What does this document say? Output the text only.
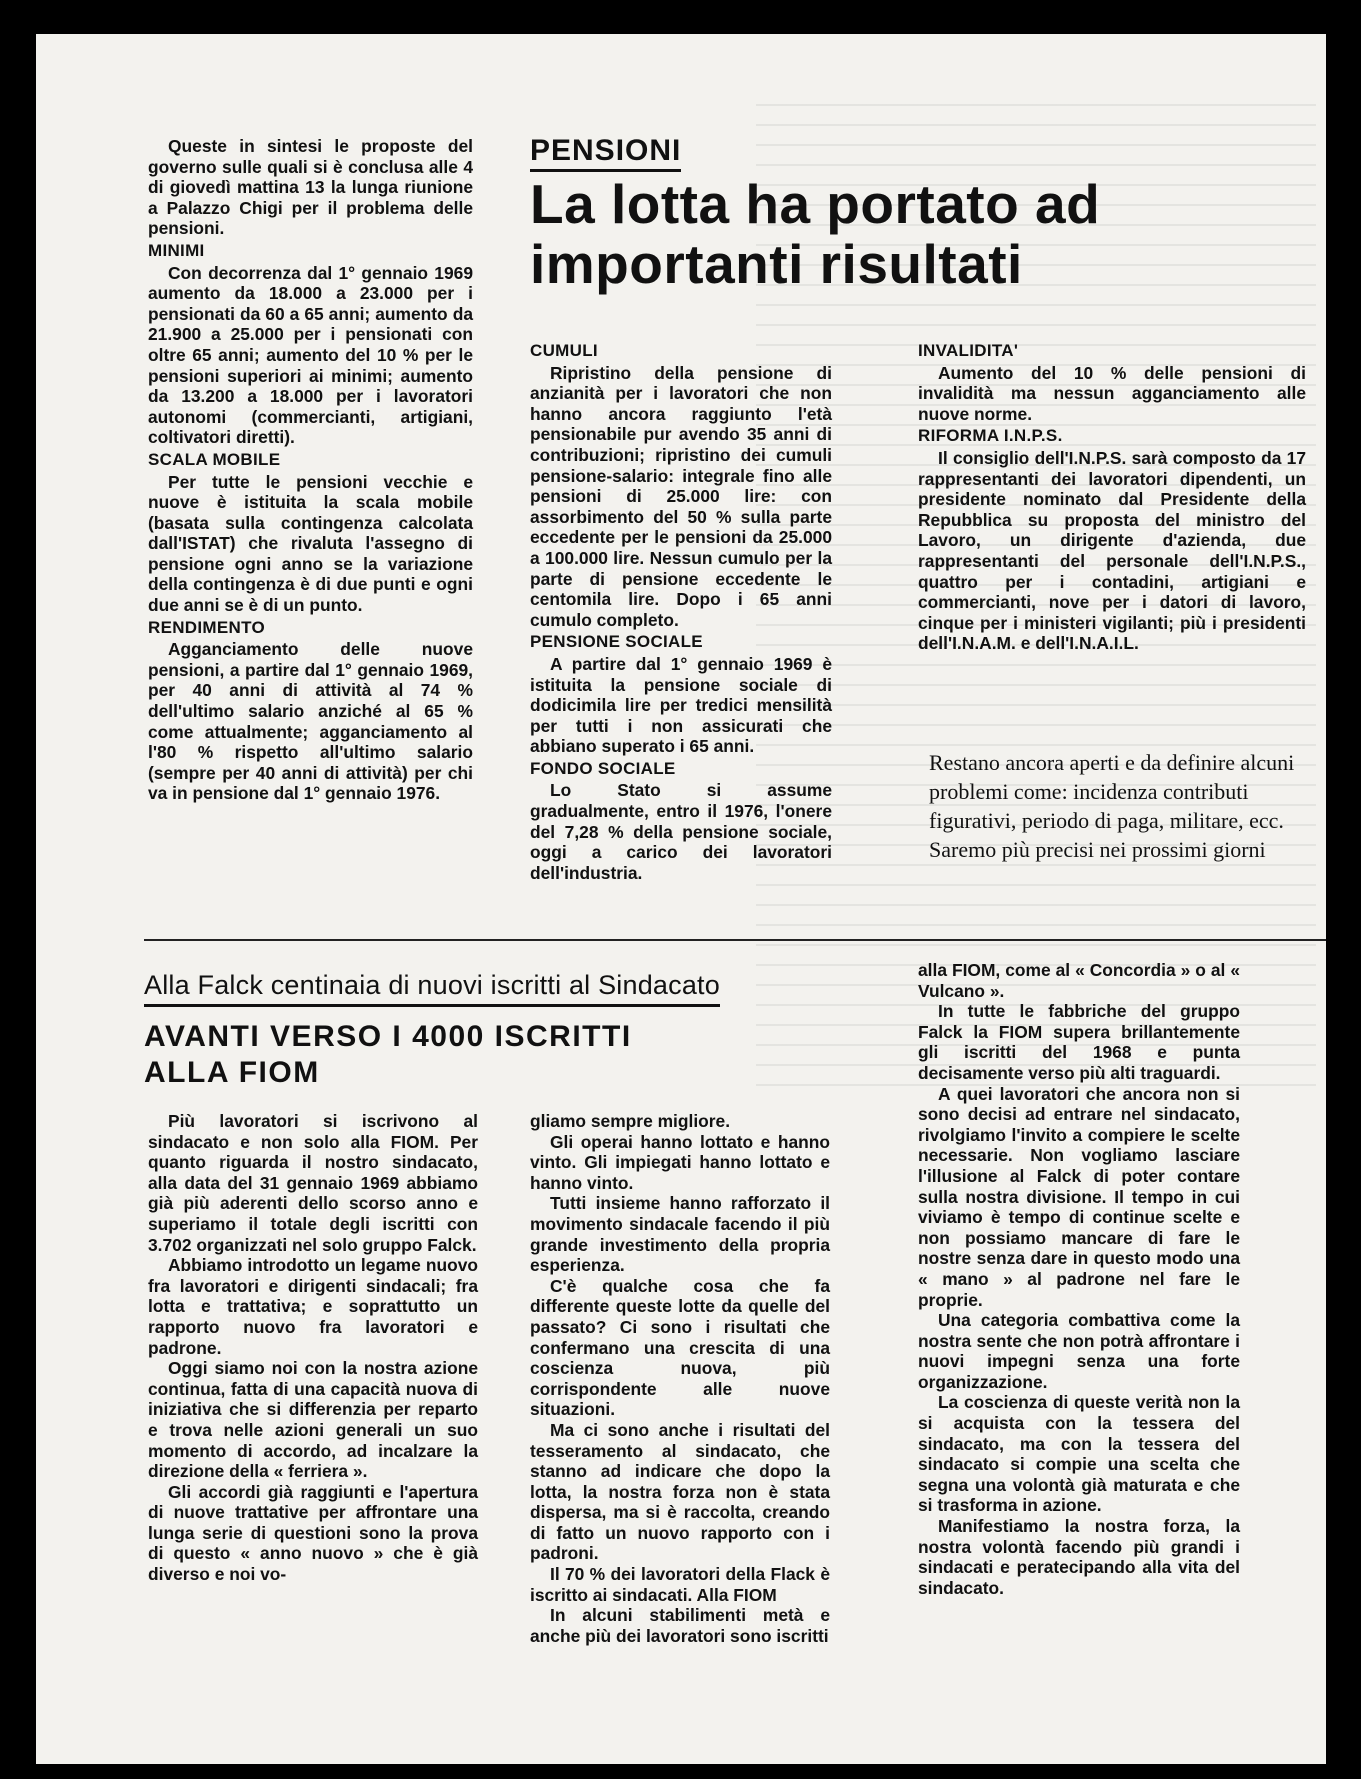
Queste in sintesi le proposte del governo sulle quali si è conclusa alle 4 di giovedì mattina 13 la lunga riunione a Palazzo Chigi per il problema delle pensioni.

MINIMI

Con decorrenza dal 1° gennaio 1969 aumento da 18.000 a 23.000 per i pensionati da 60 a 65 anni; aumento da 21.900 a 25.000 per i pensionati con oltre 65 anni; aumento del 10 % per le pensioni superiori ai minimi; aumento da 13.200 a 18.000 per i lavoratori autonomi (commercianti, artigiani, coltivatori diretti).

SCALA MOBILE

Per tutte le pensioni vecchie e nuove è istituita la scala mobile (basata sulla contingenza calcolata dall'ISTAT) che rivaluta l'assegno di pensione ogni anno se la variazione della contingenza è di due punti e ogni due anni se è di un punto.

RENDIMENTO

Agganciamento delle nuove pensioni, a partire dal 1° gennaio 1969, per 40 anni di attività al 74 % dell'ultimo salario anziché al 65 % come attualmente; agganciamento al l'80 % rispetto all'ultimo salario (sempre per 40 anni di attività) per chi va in pensione dal 1° gennaio 1976.

PENSIONI
La lotta ha portato ad importanti risultati

CUMULI

Ripristino della pensione di anzianità per i lavoratori che non hanno ancora raggiunto l'età pensionabile pur avendo 35 anni di contribuzioni; ripristino dei cumuli pensione-salario: integrale fino alle pensioni di 25.000 lire: con assorbimento del 50 % sulla parte eccedente per le pensioni da 25.000 a 100.000 lire. Nessun cumulo per la parte di pensione eccedente le centomila lire. Dopo i 65 anni cumulo completo.

PENSIONE SOCIALE

A partire dal 1° gennaio 1969 è istituita la pensione sociale di dodicimila lire per tredici mensilità per tutti i non assicurati che abbiano superato i 65 anni.

FONDO SOCIALE

Lo Stato si assume gradualmente, entro il 1976, l'onere del 7,28 % della pensione sociale, oggi a carico dei lavoratori dell'industria.

INVALIDITA'

Aumento del 10 % delle pensioni di invalidità ma nessun agganciamento alle nuove norme.

RIFORMA I.N.P.S.

Il consiglio dell'I.N.P.S. sarà composto da 17 rappresentanti dei lavoratori dipendenti, un presidente nominato dal Presidente della Repubblica su proposta del ministro del Lavoro, un dirigente d'azienda, due rappresentanti del personale dell'I.N.P.S., quattro per i contadini, artigiani e commercianti, nove per i datori di lavoro, cinque per i ministeri vigilanti; più i presidenti dell'I.N.A.M. e dell'I.N.A.I.L.

Restano ancora aperti e da definire alcuni problemi come: incidenza contributi figurativi, periodo di paga, militare, ecc. Saremo più precisi nei prossimi giorni
Alla Falck centinaia di nuovi iscritti al Sindacato
AVANTI VERSO I 4000 ISCRITTI ALLA FIOM

Più lavoratori si iscrivono al sindacato e non solo alla FIOM. Per quanto riguarda il nostro sindacato, alla data del 31 gennaio 1969 abbiamo già più aderenti dello scorso anno e superiamo il totale degli iscritti con 3.702 organizzati nel solo gruppo Falck.

Abbiamo introdotto un legame nuovo fra lavoratori e dirigenti sindacali; fra lotta e trattativa; e soprattutto un rapporto nuovo fra lavoratori e padrone.

Oggi siamo noi con la nostra azione continua, fatta di una capacità nuova di iniziativa che si differenzia per reparto e trova nelle azioni generali un suo momento di accordo, ad incalzare la direzione della « ferriera ».

Gli accordi già raggiunti e l'apertura di nuove trattative per affrontare una lunga serie di questioni sono la prova di questo « anno nuovo » che è già diverso e noi vo-

gliamo sempre migliore.

Gli operai hanno lottato e hanno vinto. Gli impiegati hanno lottato e hanno vinto.

Tutti insieme hanno rafforzato il movimento sindacale facendo il più grande investimento della propria esperienza.

C'è qualche cosa che fa differente queste lotte da quelle del passato? Ci sono i risultati che confermano una crescita di una coscienza nuova, più corrispondente alle nuove situazioni.

Ma ci sono anche i risultati del tesseramento al sindacato, che stanno ad indicare che dopo la lotta, la nostra forza non è stata dispersa, ma si è raccolta, creando di fatto un nuovo rapporto con i padroni.

Il 70 % dei lavoratori della Flack è iscritto ai sindacati. Alla FIOM

In alcuni stabilimenti metà e anche più dei lavoratori sono iscritti

alla FIOM, come al « Concordia » o al « Vulcano ».

In tutte le fabbriche del gruppo Falck la FIOM supera brillantemente gli iscritti del 1968 e punta decisamente verso più alti traguardi.

A quei lavoratori che ancora non si sono decisi ad entrare nel sindacato, rivolgiamo l'invito a compiere le scelte necessarie. Non vogliamo lasciare l'illusione al Falck di poter contare sulla nostra divisione. Il tempo in cui viviamo è tempo di continue scelte e non possiamo mancare di fare le nostre senza dare in questo modo una « mano » al padrone nel fare le proprie.

Una categoria combattiva come la nostra sente che non potrà affrontare i nuovi impegni senza una forte organizzazione.

La coscienza di queste verità non la si acquista con la tessera del sindacato, ma con la tessera del sindacato si compie una scelta che segna una volontà già maturata e che si trasforma in azione.

Manifestiamo la nostra forza, la nostra volontà facendo più grandi i sindacati e peratecipando alla vita del sindacato.
